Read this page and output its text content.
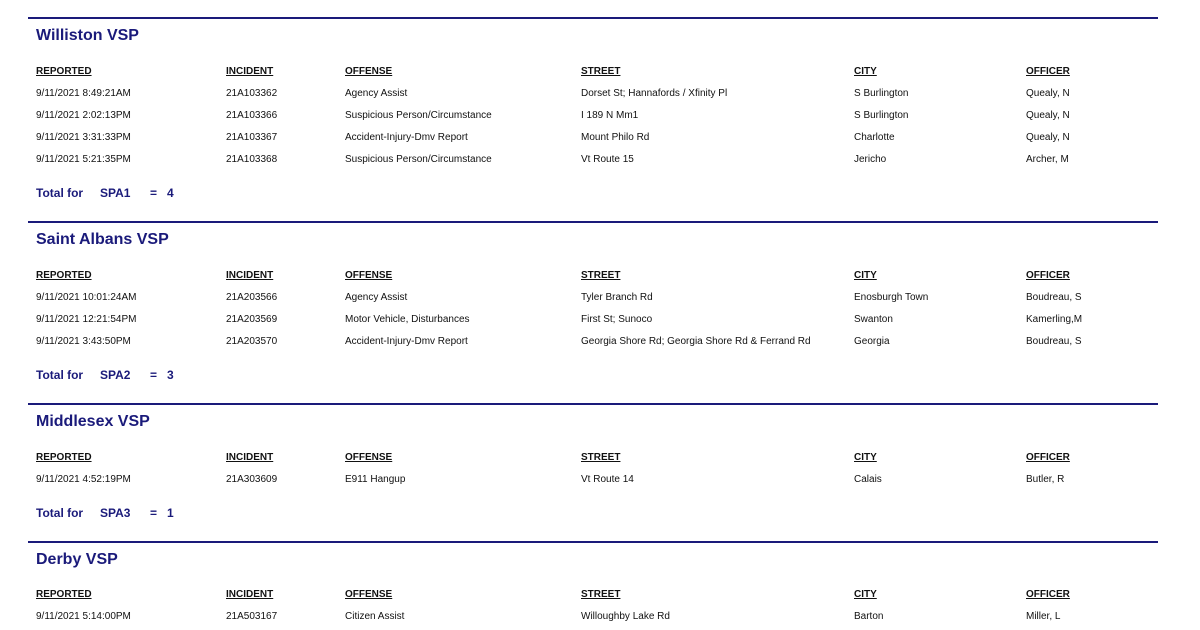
Williston VSP
REPORTED	INCIDENT	OFFENSE	STREET	CITY	OFFICER
9/11/2021 8:49:21AM	21A103362	Agency Assist	Dorset St; Hannafords / Xfinity Pl	S Burlington	Quealy, N
9/11/2021 2:02:13PM	21A103366	Suspicious Person/Circumstance	I 189 N Mm1	S Burlington	Quealy, N
9/11/2021 3:31:33PM	21A103367	Accident-Injury-Dmv Report	Mount Philo Rd	Charlotte	Quealy, N
9/11/2021 5:21:35PM	21A103368	Suspicious Person/Circumstance	Vt Route 15	Jericho	Archer, M
Total for SPA1 = 4
Saint Albans VSP
REPORTED	INCIDENT	OFFENSE	STREET	CITY	OFFICER
9/11/2021 10:01:24AM	21A203566	Agency Assist	Tyler Branch Rd	Enosburgh Town	Boudreau, S
9/11/2021 12:21:54PM	21A203569	Motor Vehicle, Disturbances	First St; Sunoco	Swanton	Kamerling,M
9/11/2021 3:43:50PM	21A203570	Accident-Injury-Dmv Report	Georgia Shore Rd; Georgia Shore Rd & Ferrand Rd	Georgia	Boudreau, S
Total for SPA2 = 3
Middlesex VSP
REPORTED	INCIDENT	OFFENSE	STREET	CITY	OFFICER
9/11/2021 4:52:19PM	21A303609	E911 Hangup	Vt Route 14	Calais	Butler, R
Total for SPA3 = 1
Derby VSP
REPORTED	INCIDENT	OFFENSE	STREET	CITY	OFFICER
9/11/2021 5:14:00PM	21A503167	Citizen Assist	Willoughby Lake Rd	Barton	Miller, L
